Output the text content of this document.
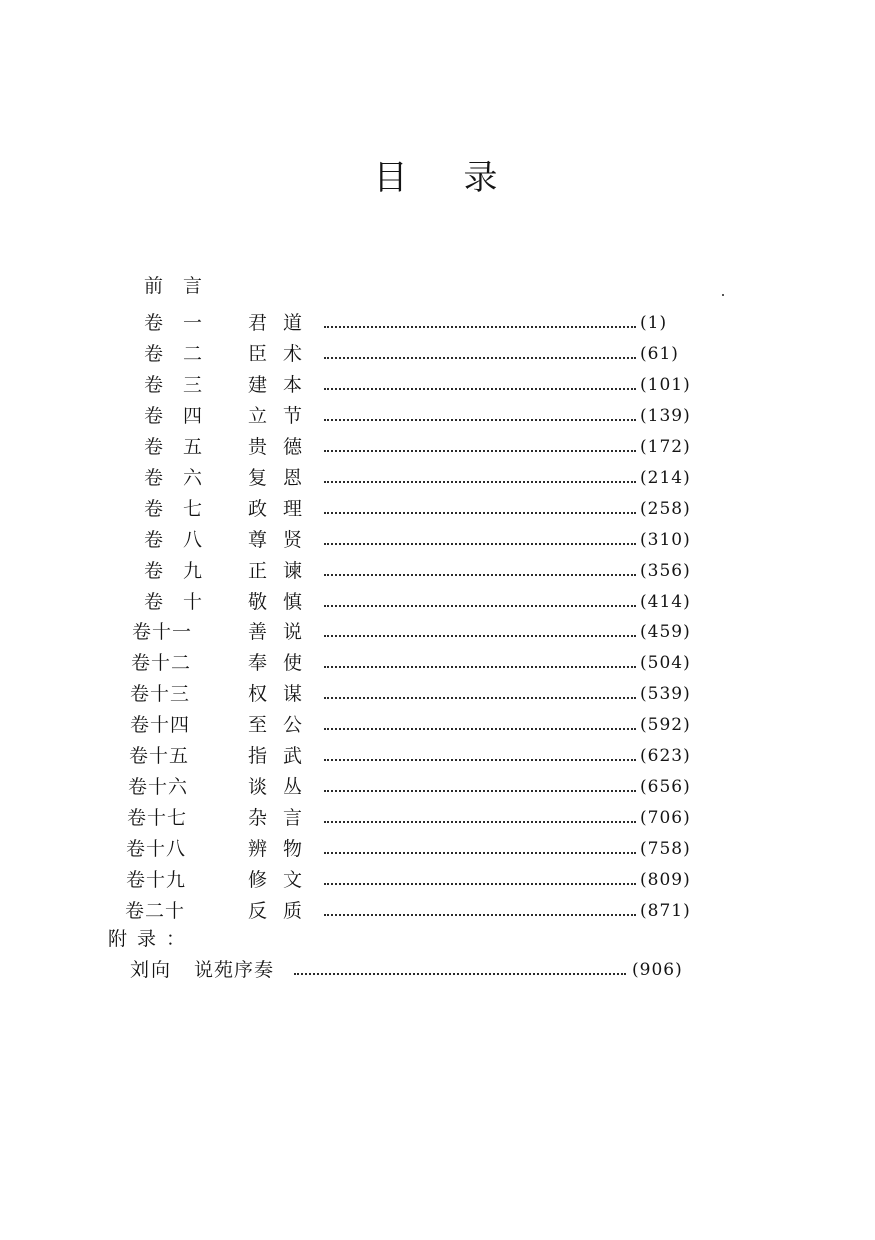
目 录
前言
卷一	君道	(1)
卷二	臣术	(61)
卷三	建本	(101)
卷四	立节	(139)
卷五	贵德	(172)
卷六	复恩	(214)
卷七	政理	(258)
卷八	尊贤	(310)
卷九	正谏	(356)
卷十	敬慎	(414)
卷十一	善说	(459)
卷十二	奉使	(504)
卷十三	权谋	(539)
卷十四	至公	(592)
卷十五	指武	(623)
卷十六	谈丛	(656)
卷十七	杂言	(706)
卷十八	辨物	(758)
卷十九	修文	(809)
卷二十	反质	(871)
附录：
刘向 说苑序奏	(906)
